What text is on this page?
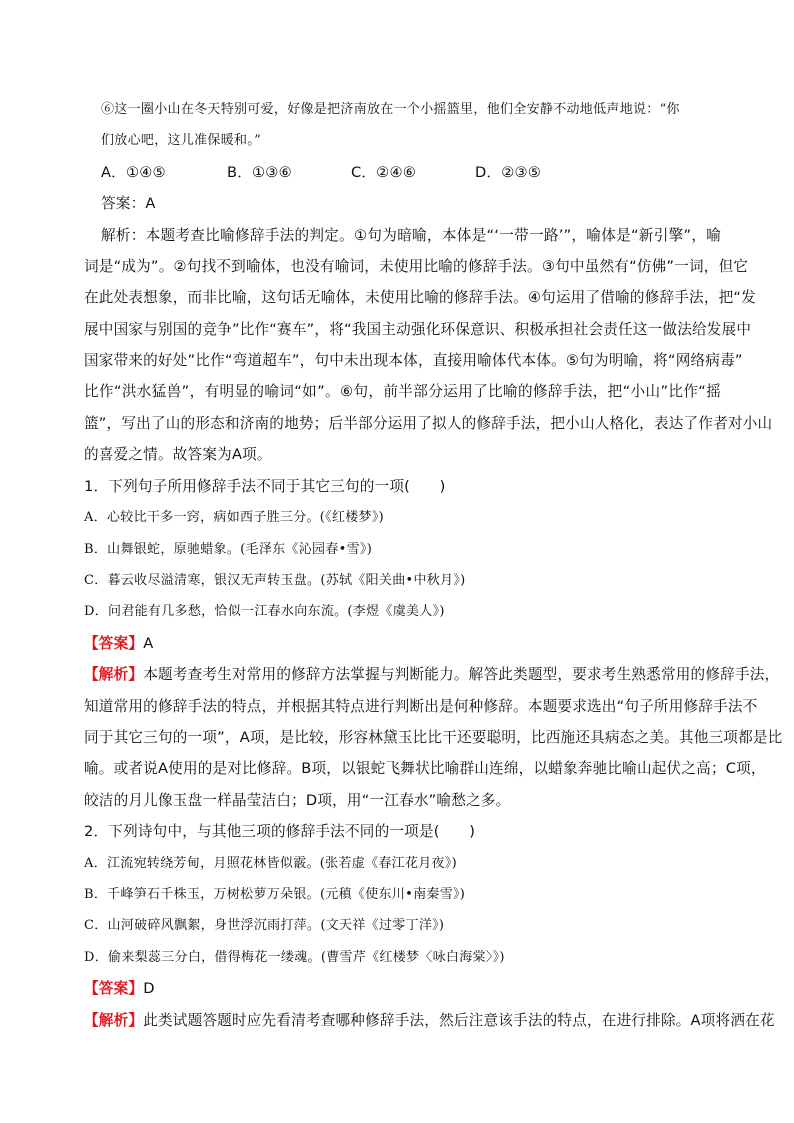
⑥这一圈小山在冬天特别可爱，好像是把济南放在一个小摇篮里，他们全安静不动地低声地说：“你
们放心吧，这儿准保暖和。”
A．①④⑤	B．①③⑥	C．②④⑥	D．②③⑤
答案：A
解析：本题考查比喻修辞手法的判定。①句为暗喻，本体是“‘一带一路’”，喻体是“新引擎”，喻
词是“成为”。②句找不到喻体，也没有喻词，未使用比喻的修辞手法。③句中虽然有“仿佛”一词，但它
在此处表想象，而非比喻，这句话无喻体，未使用比喻的修辞手法。④句运用了借喻的修辞手法，把“发
展中国家与别国的竞争”比作“赛车”，将“我国主动强化环保意识、积极承担社会责任这一做法给发展中
国家带来的好处”比作“弯道超车”，句中未出现本体，直接用喻体代本体。⑤句为明喻，将“网络病毒”
比作“洪水猛兽”，有明显的喻词“如”。⑥句，前半部分运用了比喻的修辞手法，把“小山”比作“摇
篮”，写出了山的形态和济南的地势；后半部分运用了拟人的修辞手法，把小山人格化，表达了作者对小山
的喜爱之情。故答案为A项。
1．下列句子所用修辞手法不同于其它三句的一项(　　)
A．心较比干多一窍，病如西子胜三分。(《红楼梦》)
B．山舞银蛇，原驰蜡象。(毛泽东《沁园春•雪》)
C．暮云收尽溢清寒，银汉无声转玉盘。(苏轼《阳关曲•中秋月》)
D．问君能有几多愁，恰似一江春水向东流。(李煜《虞美人》)
【答案】A
【解析】本题考查考生对常用的修辞方法掌握与判断能力。解答此类题型，要求考生熟悉常用的修辞手法，
知道常用的修辞手法的特点，并根据其特点进行判断出是何种修辞。本题要求选出“句子所用修辞手法不
同于其它三句的一项”，A项，是比较，形容林黛玉比比干还要聪明，比西施还具病态之美。其他三项都是比
喻。或者说A使用的是对比修辞。B项，以银蛇飞舞状比喻群山连绵，以蜡象奔驰比喻山起伏之高；C项，
皎洁的月儿像玉盘一样晶莹洁白；D项，用“一江春水”喻愁之多。
2．下列诗句中，与其他三项的修辞手法不同的一项是(　　)
A．江流宛转绕芳甸，月照花林皆似霰。(张若虚《春江花月夜》)
B．千峰笋石千株玉，万树松萝万朵银。(元稹《使东川•南秦雪》)
C．山河破碎风飘絮，身世浮沉雨打萍。(文天祥《过零丁洋》)
D．偷来梨蕊三分白，借得梅花一缕魂。(曹雪芹《红楼梦〈咏白海棠〉》)
【答案】D
【解析】此类试题答题时应先看清考查哪种修辞手法，然后注意该手法的特点，在进行排除。A项将洒在花
